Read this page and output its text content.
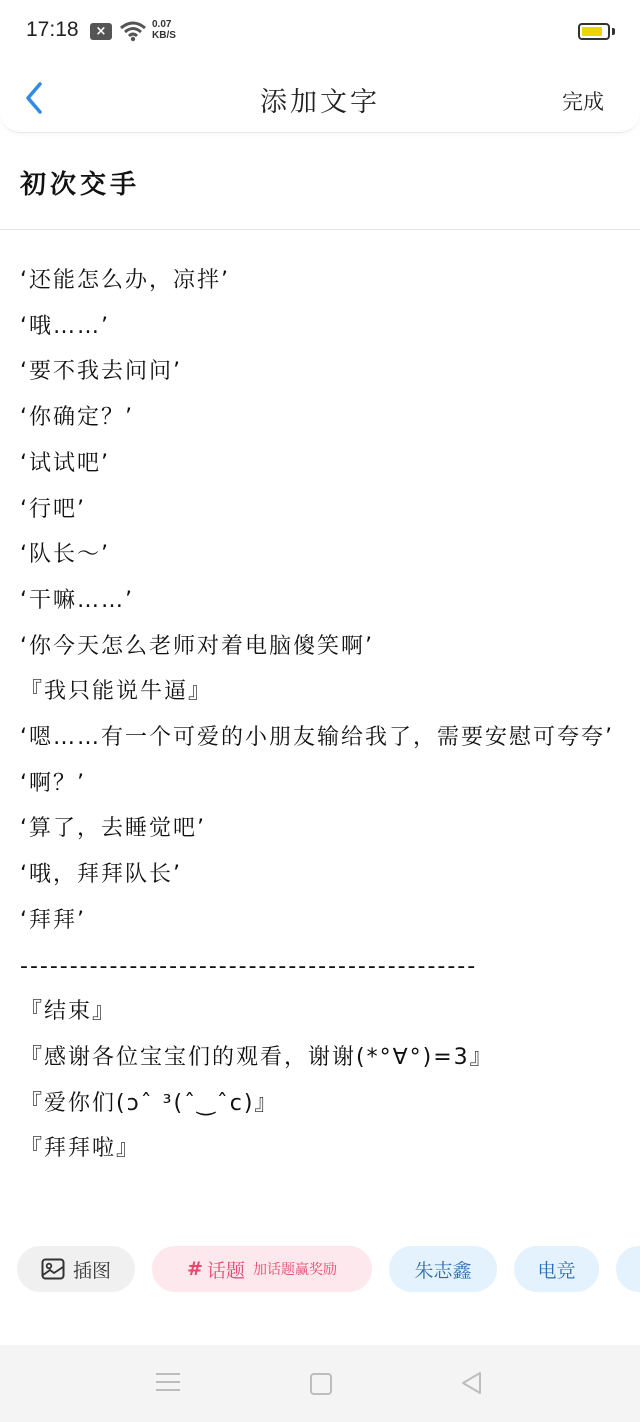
17:18	×	0.07
KB/S
添加文字	完成
初次交手

‘还能怎么办，凉拌’

‘哦……’

‘要不我去问问’

‘你确定？’

‘试试吧’

‘行吧’

‘队长～’

‘干嘛……’

‘你今天怎么老师对着电脑傻笑啊’

『我只能说牛逼』

‘嗯……有一个可爱的小朋友输给我了，需要安慰可夸夸’

‘啊？’

‘算了，去睡觉吧’

‘哦，拜拜队长’

‘拜拜’

----------------------------------------------

『结束』

『感谢各位宝宝们的观看，谢谢(*°∀°)=3』

『爱你们(ↄˆ ³(ˆ‿ˆc)』

『拜拜啦』

插图	# 话题 加话题赢奖励	朱志鑫	电竞
